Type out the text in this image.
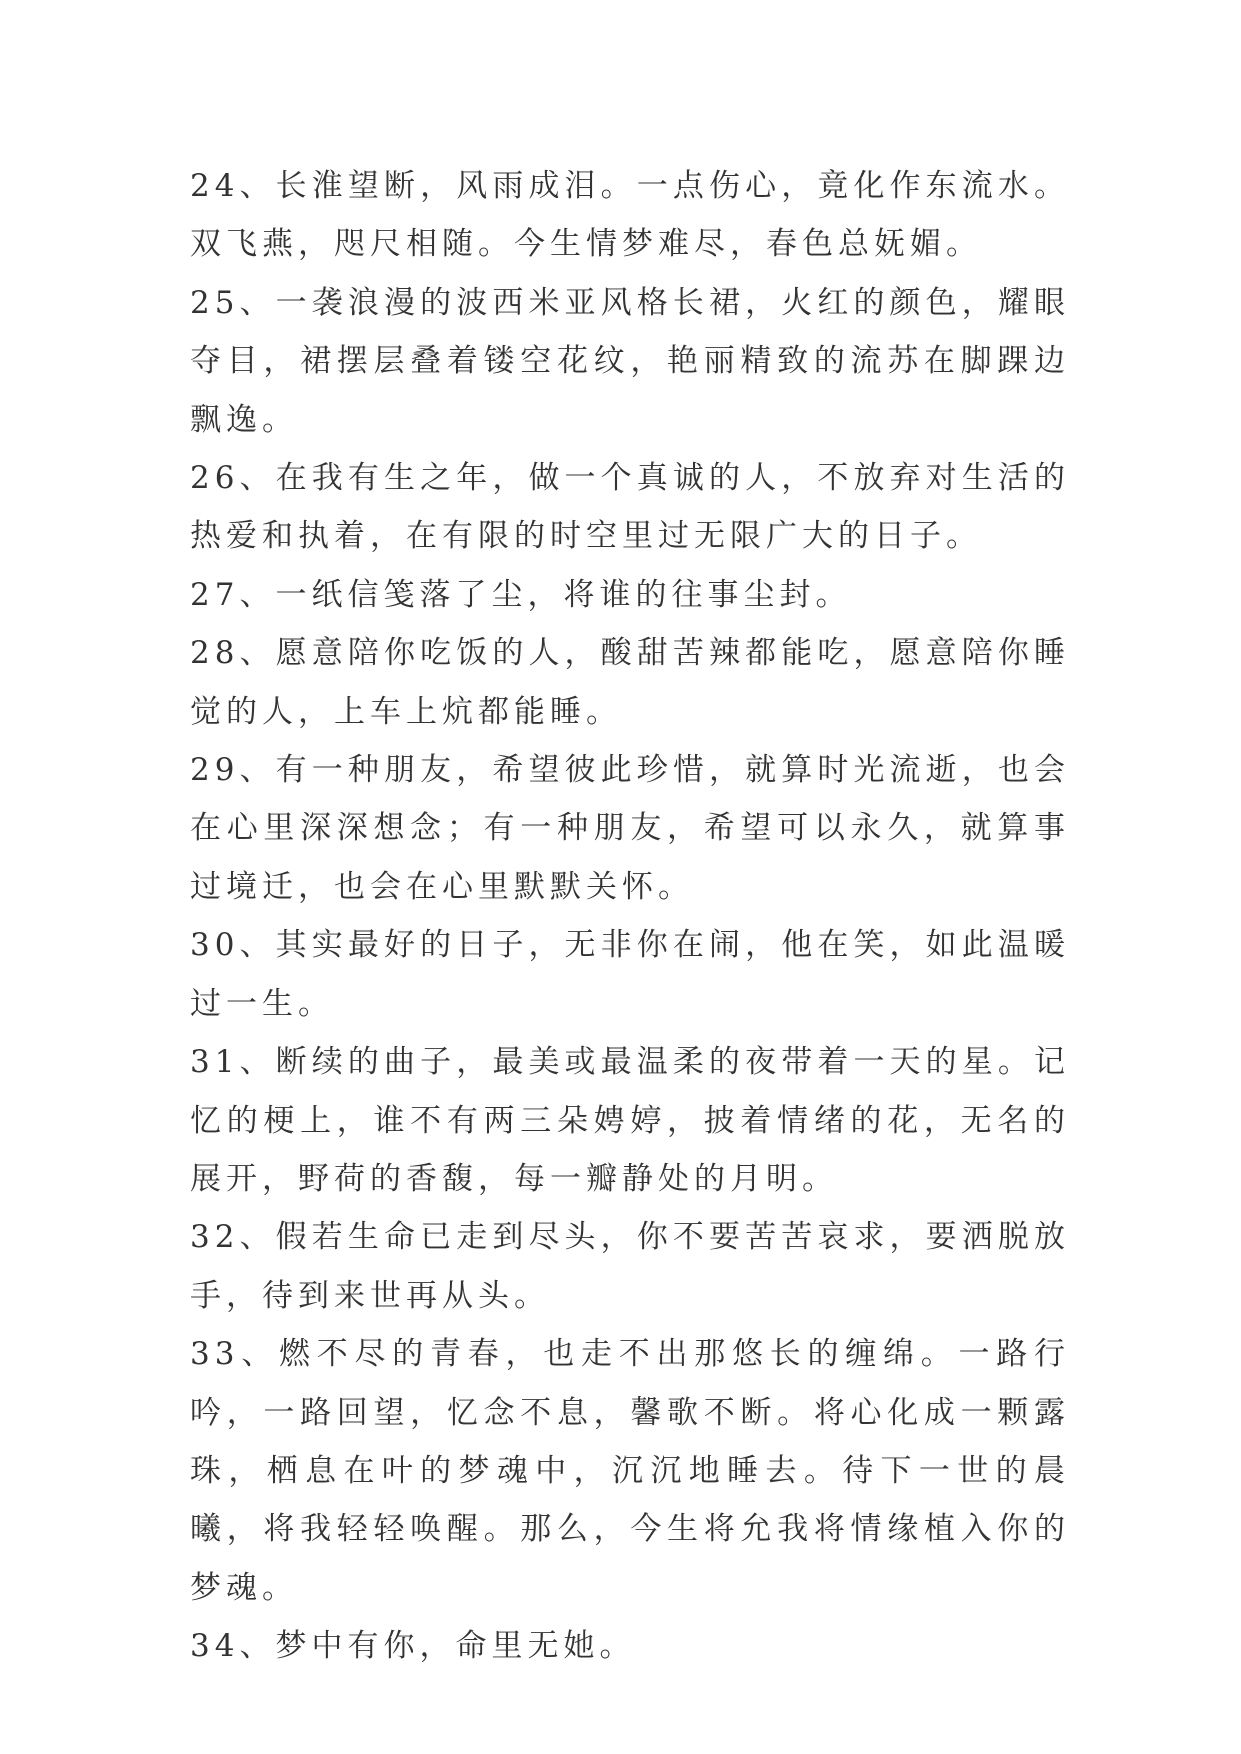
24、长淮望断，风雨成泪。一点伤心，竟化作东流水。双飞燕，咫尺相随。今生情梦难尽，春色总妩媚。

25、一袭浪漫的波西米亚风格长裙，火红的颜色，耀眼夺目，裙摆层叠着镂空花纹，艳丽精致的流苏在脚踝边飘逸。

26、在我有生之年，做一个真诚的人，不放弃对生活的热爱和执着，在有限的时空里过无限广大的日子。

27、一纸信笺落了尘，将谁的往事尘封。

28、愿意陪你吃饭的人，酸甜苦辣都能吃，愿意陪你睡觉的人，上车上炕都能睡。

29、有一种朋友，希望彼此珍惜，就算时光流逝，也会在心里深深想念；有一种朋友，希望可以永久，就算事过境迁，也会在心里默默关怀。

30、其实最好的日子，无非你在闹，他在笑，如此温暖过一生。

31、断续的曲子，最美或最温柔的夜带着一天的星。记忆的梗上，谁不有两三朵娉婷，披着情绪的花，无名的展开，野荷的香馥，每一瓣静处的月明。

32、假若生命已走到尽头，你不要苦苦哀求，要洒脱放手，待到来世再从头。

33、燃不尽的青春，也走不出那悠长的缠绵。一路行吟，一路回望，忆念不息，馨歌不断。将心化成一颗露珠，栖息在叶的梦魂中，沉沉地睡去。待下一世的晨曦，将我轻轻唤醒。那么，今生将允我将情缘植入你的梦魂。

34、梦中有你，命里无她。
